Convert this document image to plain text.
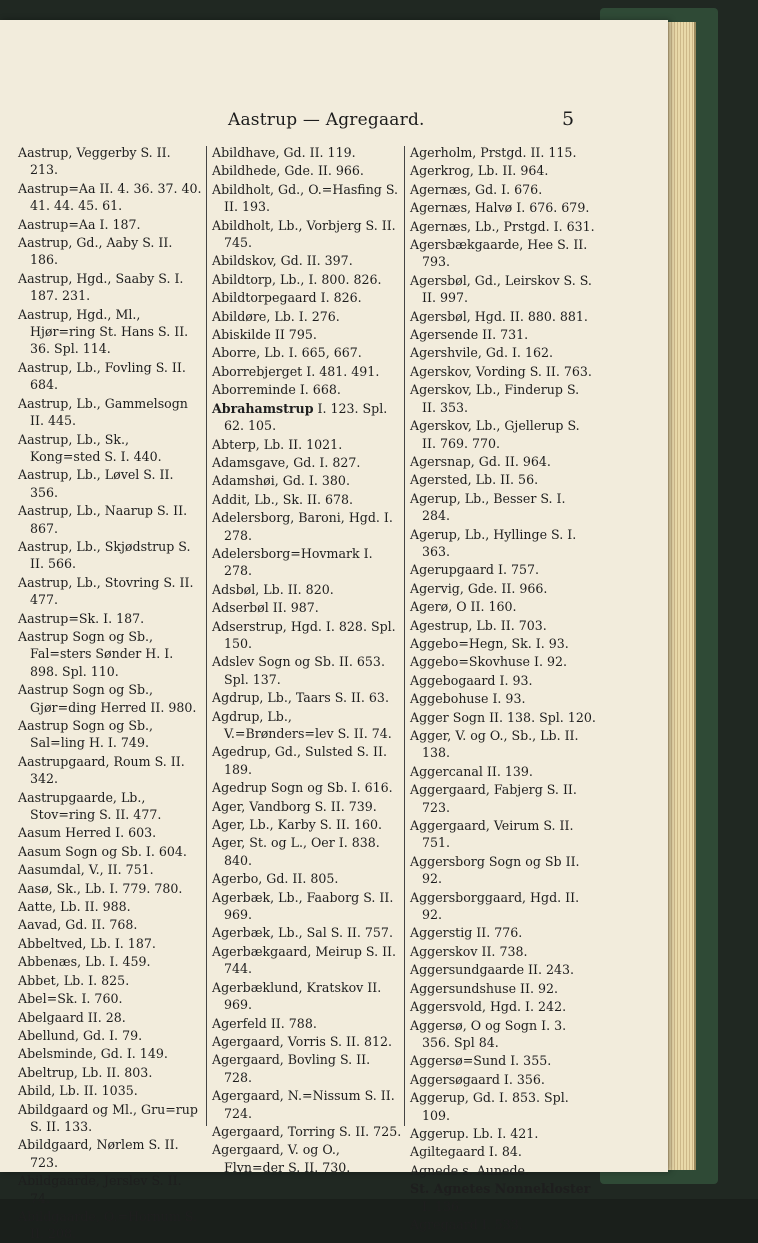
Aastrup — Agregaard.	5
Aastrup, Veggerby S. II. 213.
Aastrup=Aa II. 4. 36. 37. 40. 41. 44. 45. 61.
Aastrup=Aa I. 187.
Aastrup, Gd., Aaby S. II. 186.
Aastrup, Hgd., Saaby S. I. 187. 231.
Aastrup, Hgd., Ml., Hjør=ring St. Hans S. II. 36. Spl. 114.
Aastrup, Lb., Fovling S. II. 684.
Aastrup, Lb., Gammelsogn II. 445.
Aastrup, Lb., Sk., Kong=sted S. I. 440.
Aastrup, Lb., Løvel S. II. 356.
Aastrup, Lb., Naarup S. II. 867.
Aastrup, Lb., Skjødstrup S. II. 566.
Aastrup, Lb., Stovring S. II. 477.
Aastrup=Sk. I. 187.
Aastrup Sogn og Sb., Fal=sters Sønder H. I. 898. Spl. 110.
Aastrup Sogn og Sb., Gjør=ding Herred II. 980.
Aastrup Sogn og Sb., Sal=ling H. I. 749.
Aastrupgaard, Roum S. II. 342.
Aastrupgaarde, Lb., Stov=ring S. II. 477.
Aasum Herred I. 603.
Aasum Sogn og Sb. I. 604.
Aasumdal, V., II. 751.
Aasø, Sk., Lb. I. 779. 780.
Aatte, Lb. II. 988.
Aavad, Gd. II. 768.
Abbeltved, Lb. I. 187.
Abbenæs, Lb. I. 459.
Abbet, Lb. I. 825.
Abel=Sk. I. 760.
Abelgaard II. 28.
Abellund, Gd. I. 79.
Abelsminde, Gd. I. 149.
Abeltrup, Lb. II. 803.
Abild, Lb. II. 1035.
Abildgaard og Ml., Gru=rup S. II. 133.
Abildgaard, Nørlem S. II. 723.
Abildgaarde, Jerslev S. II. 74.
Abildgaarde, O.=Hornum S. II. 208.
Abildhave, Gd. II. 119.
Abildhede, Gde. II. 966.
Abildholt, Gd., O.=Hasfing S. II. 193.
Abildholt, Lb., Vorbjerg S. II. 745.
Abildskov, Gd. II. 397.
Abildtorp, Lb., I. 800. 826.
Abildtorpegaard I. 826.
Abildøre, Lb. I. 276.
Abiskilde II 795.
Aborre, Lb. I. 665, 667.
Aborrebjerget I. 481. 491.
Aborreminde I. 668.
Abrahamstrup I. 123. Spl. 62. 105.
Abterp, Lb. II. 1021.
Adamsgave, Gd. I. 827.
Adamshøi, Gd. I. 380.
Addit, Lb., Sk. II. 678.
Adelersborg, Baroni, Hgd. I. 278.
Adelersborg=Hovmark I. 278.
Adsbøl, Lb. II. 820.
Adserbøl II. 987.
Adserstrup, Hgd. I. 828. Spl. 150.
Adslev Sogn og Sb. II. 653. Spl. 137.
Agdrup, Lb., Taars S. II. 63.
Agdrup, Lb., V.=Brønders=lev S. II. 74.
Agedrup, Gd., Sulsted S. II. 189.
Agedrup Sogn og Sb. I. 616.
Ager, Vandborg S. II. 739.
Ager, Lb., Karby S. II. 160.
Ager, St. og L., Oer I. 838. 840.
Agerbo, Gd. II. 805.
Agerbæk, Lb., Faaborg S. II. 969.
Agerbæk, Lb., Sal S. II. 757.
Agerbækgaard, Meirup S. II. 744.
Agerbæklund, Kratskov II. 969.
Agerfeld II. 788.
Agergaard, Vorris S. II. 812.
Agergaard, Bovling S. II. 728.
Agergaard, N.=Nissum S. II. 724.
Agergaard, Torring S. II. 725.
Agergaard, V. og O., Flyn=der S. II. 730.
Agerholm, Prstgd. II. 115.
Agerkrog, Lb. II. 964.
Agernæs, Gd. I. 676.
Agernæs, Halvø I. 676. 679.
Agernæs, Lb., Prstgd. I. 631.
Agersbækgaarde, Hee S. II. 793.
Agersbøl, Gd., Leirskov S. S. II. 997.
Agersbøl, Hgd. II. 880. 881.
Agersende II. 731.
Agershvile, Gd. I. 162.
Agerskov, Vording S. II. 763.
Agerskov, Lb., Finderup S. II. 353.
Agerskov, Lb., Gjellerup S. II. 769. 770.
Agersnap, Gd. II. 964.
Agersted, Lb. II. 56.
Agerup, Lb., Besser S. I. 284.
Agerup, Lb., Hyllinge S. I. 363.
Agerupgaard I. 757.
Agervig, Gde. II. 966.
Agerø, O II. 160.
Agestrup, Lb. II. 703.
Aggebo=Hegn, Sk. I. 93.
Aggebo=Skovhuse I. 92.
Aggebogaard I. 93.
Aggebohuse I. 93.
Agger Sogn II. 138. Spl. 120.
Agger, V. og O., Sb., Lb. II. 138.
Aggercanal II. 139.
Aggergaard, Fabjerg S. II. 723.
Aggergaard, Veirum S. II. 751.
Aggersborg Sogn og Sb II. 92.
Aggersborggaard, Hgd. II. 92.
Aggerstig II. 776.
Aggerskov II. 738.
Aggersundgaarde II. 243.
Aggersundshuse II. 92.
Aggersvold, Hgd. I. 242.
Aggersø, O og Sogn I. 3. 356. Spl 84.
Aggersø=Sund I. 355.
Aggersøgaard I. 356.
Aggerup, Gd. I. 853. Spl. 109.
Aggerup. Lb. I. 421.
Agiltegaard I. 84.
Agnede s. Aunede.
St. Agnetes Nonnekloster I. 136.
Agregaard I. 533.
